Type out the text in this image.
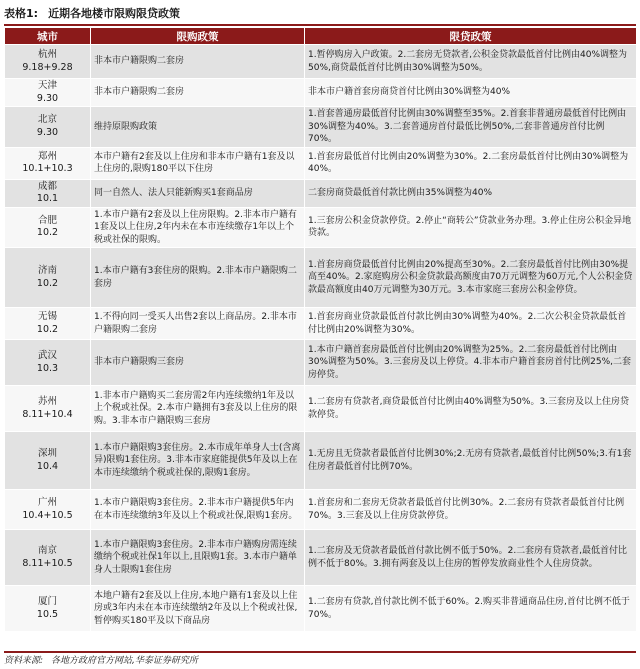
表格1: 近期各地楼市限购限贷政策
城市	限购政策	限贷政策

杭州
9.18+9.28	非本市户籍限购二套房	1.暂停购房入户政策。2.二套房无贷款者,公积金贷款最低首付比例由40%调整为50%,商贷最低首付比例由30%调整为50%。

天津
9.30	非本市户籍限购二套房	非本市户籍首套房商贷首付比例由30%调整为40%

北京
9.30	维持原限购政策	1.首套普通房最低首付比例由30%调整至35%。2.首套非普通房最低首付比例由30%调整为40%。3.二套普通房首付最低比例50%,二套非普通房首付比例70%。

郑州
10.1+10.3	本市户籍有2套及以上住房和非本市户籍有1套及以上住房的,限购180平以下住房	1.首套房最低首付比例由20%调整为30%。2.二套房最低首付比例由30%调整为40%。

成都
10.1	同一自然人、法人只能新购买1套商品房	二套房商贷最低首付款比例由35%调整为40%

合肥
10.2	1.本市户籍有2套及以上住房限购。2.非本市户籍有1套及以上住房,2年内未在本市连续缴存1年以上个税或社保的限购。	1.三套房公积金贷款停贷。2.停止“商转公”贷款业务办理。3.停止住房公积金异地贷款。

济南
10.2	1.本市户籍有3套住房的限购。2.非本市户籍限购二套房	1.首套房商贷最低首付比例由20%提高至30%。2.二套房最低首付比例由30%提高至40%。2.家庭购房公积金贷款最高额度由70万元调整为60万元,个人公积金贷款最高额度由40万元调整为30万元。3.本市家庭三套房公积金停贷。

无锡
10.2	1.不得向同一受买人出售2套以上商品房。2.非本市户籍限购二套房	1.首套房商业贷款最低首付款比例由30%调整为40%。2.二次公积金贷款最低首付比例由20%调整为30%。

武汉
10.3	非本市户籍限购三套房	1.本市户籍首套房最低首付比例由20%调整为25%。2.二套房最低首付比例由30%调整为50%。3.三套房及以上停贷。4.非本市户籍首套房首付比例25%,二套房停贷。

苏州
8.11+10.4	1.非本市户籍购买二套房需2年内连续缴纳1年及以上个税或社保。2.本市户籍拥有3套及以上住房的限购。3.非本市户籍限购三套房	1.二套房有贷款者,商贷最低首付比例由40%调整为50%。3.三套房及以上住房贷款停贷。

深圳
10.4	1.本市户籍限购3套住房。2.本市成年单身人士(含离异)限购1套住房。3.非本市家庭能提供5年及以上在本市连续缴纳个税或社保的,限购1套房。	1.无房且无贷款者最低首付比例30%;2.无房有贷款者,最低首付比例50%;3.有1套住房者最低首付比例70%。

广州
10.4+10.5	1.本市户籍限购3套住房。2.非本市户籍提供5年内在本市连续缴纳3年及以上个税或社保,限购1套房。	1.首套房和二套房无贷款者最低首付比例30%。2.二套房有贷款者最低首付比例70%。3.三套及以上住房贷款停贷。

南京
8.11+10.5	1.本市户籍限购3套住房。2.非本市户籍购房需连续缴纳个税或社保1年以上,且限购1套。3.本市户籍单身人士限购1套住房	1.二套房及无贷款者最低首付款比例不低于50%。2.二套房有贷款者,最低首付比例不低于80%。3.拥有两套及以上住房的暂停发放商业性个人住房贷款。

厦门
10.5	本地户籍有2套及以上住房,本地户籍有1套及以上住房或3年内未在本市连续缴纳2年及以上个税或社保,暂停购买180平及以下商品房	1.二套房有贷款,首付款比例不低于60%。2.购买非普通商品住房,首付比例不低于70%。
资料来源: 各地方政府官方网站,华泰证券研究所
